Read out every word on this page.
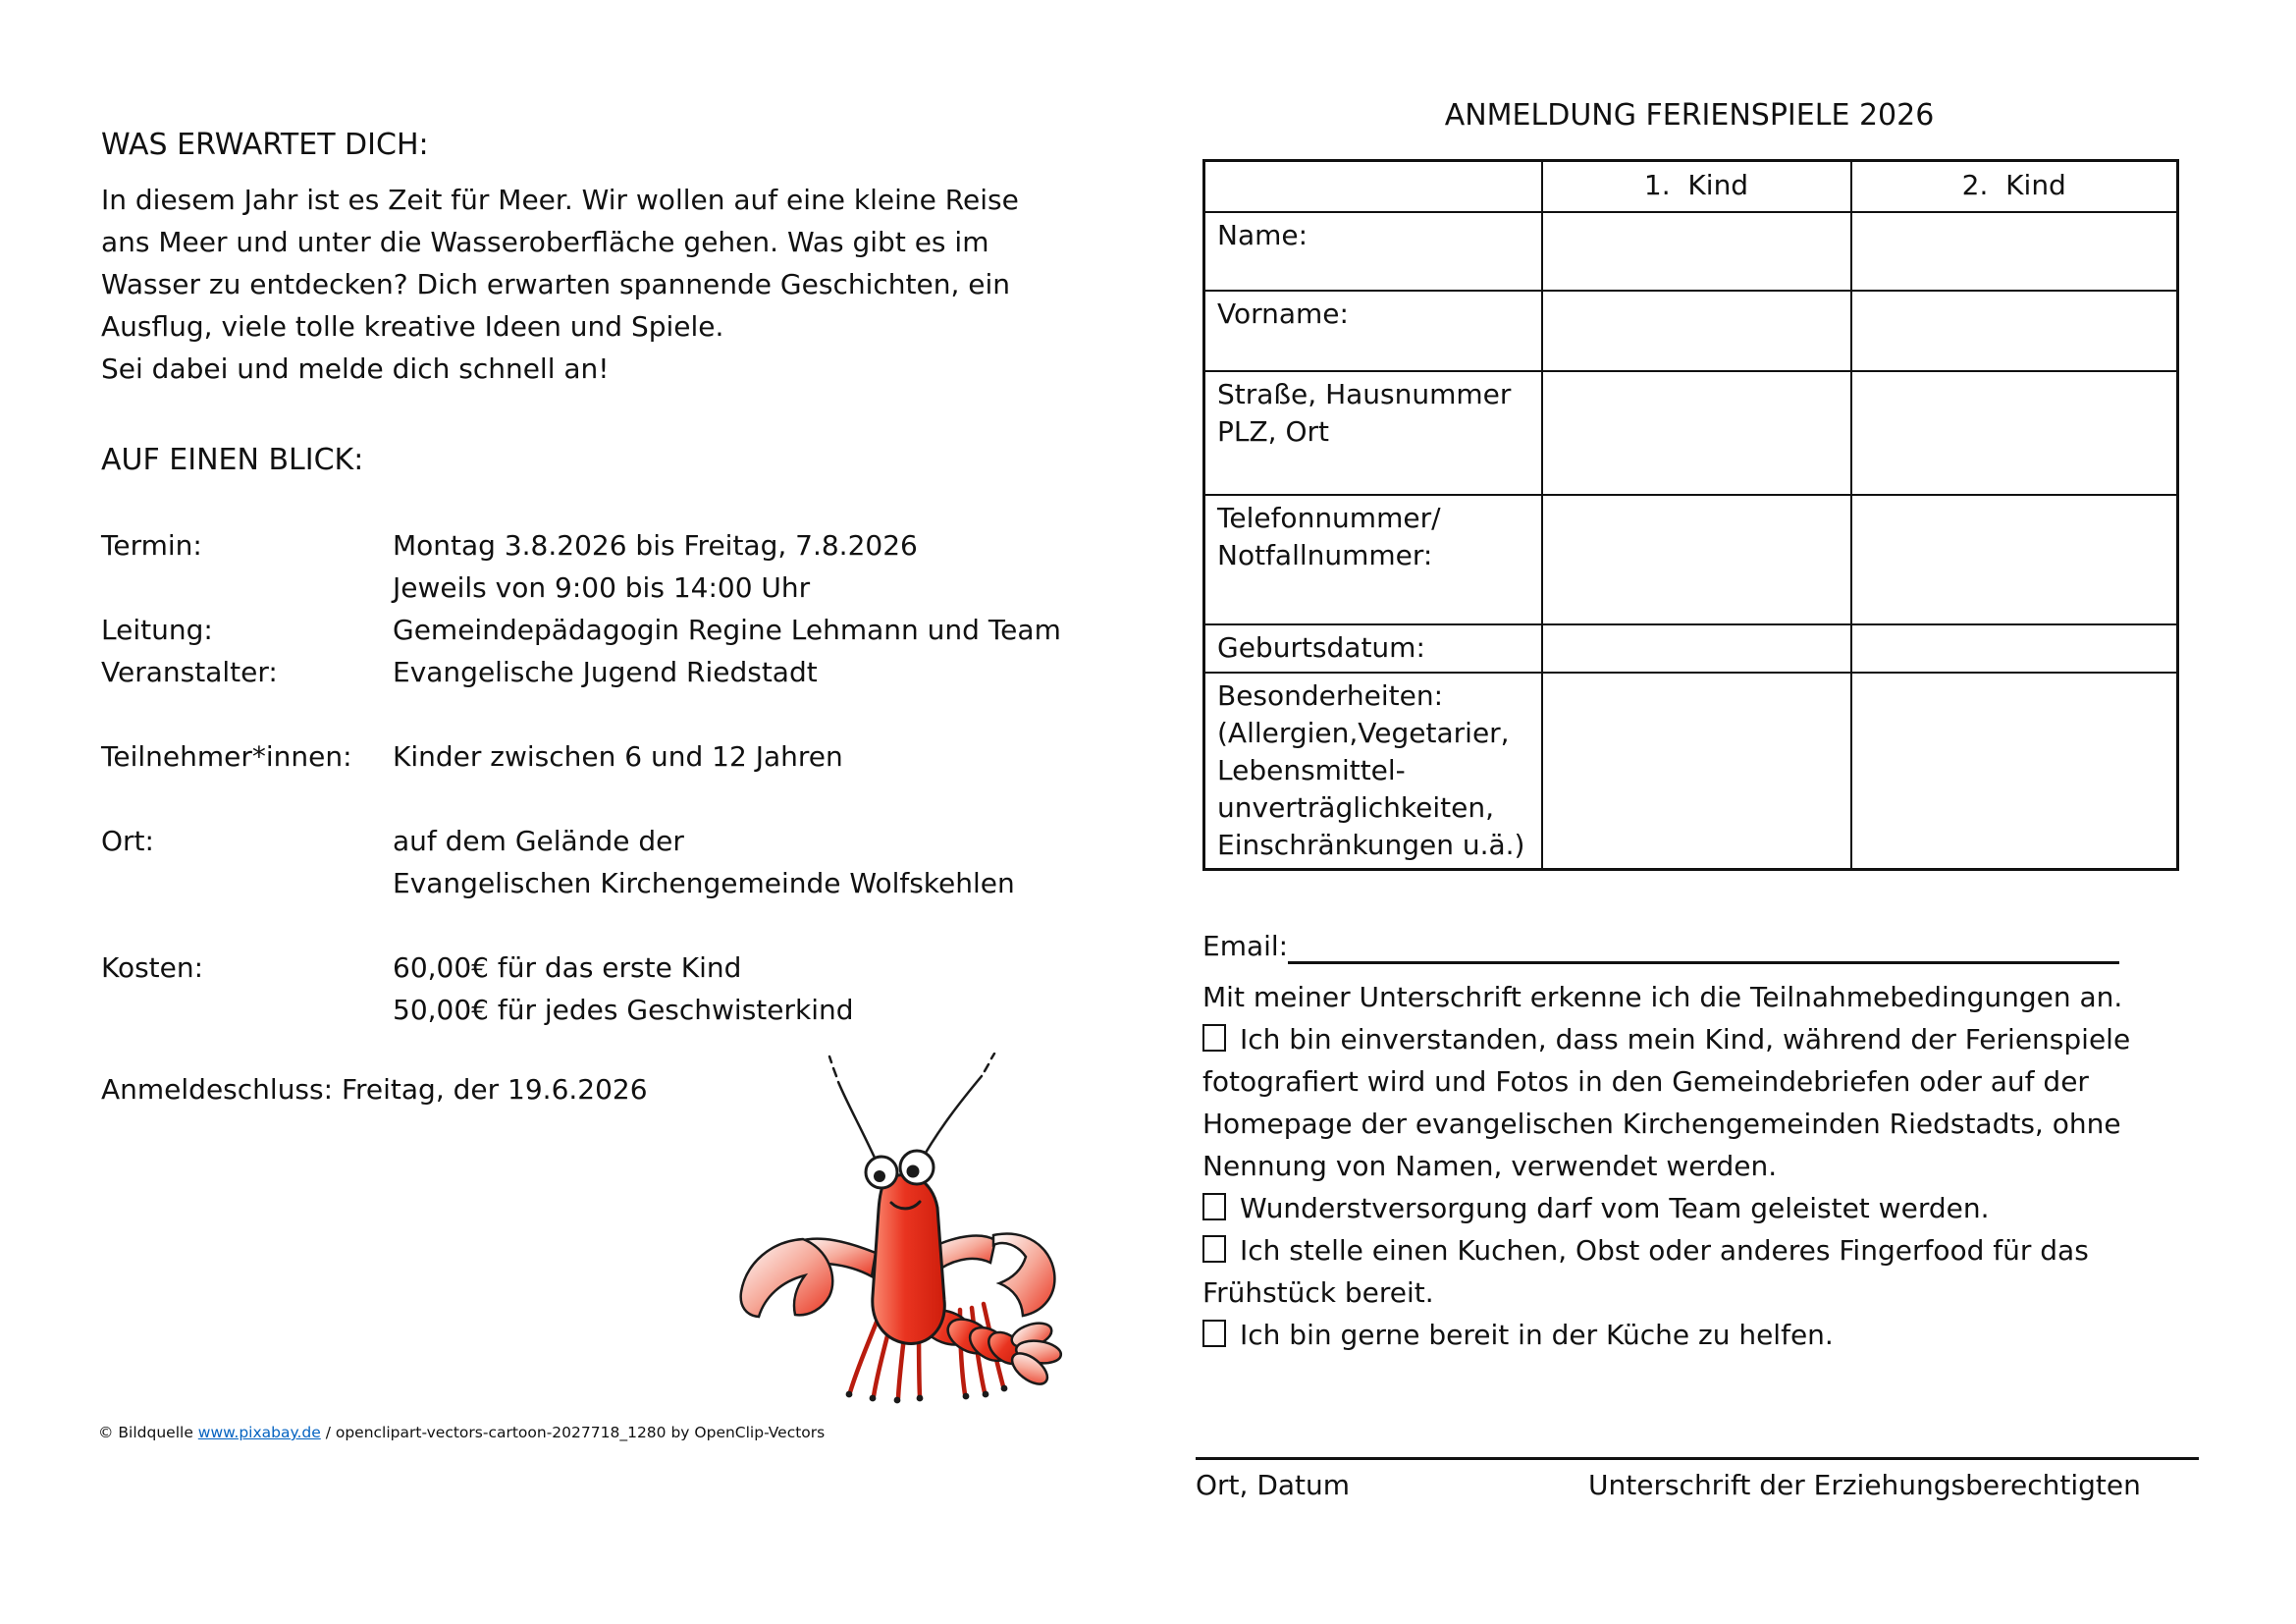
WAS ERWARTET DICH:
In diesem Jahr ist es Zeit für Meer. Wir wollen auf eine kleine Reise
ans Meer und unter die Wasseroberfläche gehen. Was gibt es im
Wasser zu entdecken? Dich erwarten spannende Geschichten, ein
Ausflug, viele tolle kreative Ideen und Spiele.
Sei dabei und melde dich schnell an!
AUF EINEN BLICK:
Termin:	Montag 3.8.2026 bis Freitag, 7.8.2026
Jeweils von 9:00 bis 14:00 Uhr
Leitung:	Gemeindepädagogin Regine Lehmann und Team
Veranstalter:	Evangelische Jugend Riedstadt
Teilnehmer*innen:	Kinder zwischen 6 und 12 Jahren
Ort:	auf dem Gelände der
Evangelischen Kirchengemeinde Wolfskehlen
Kosten:	60,00€ für das erste Kind
50,00€ für jedes Geschwisterkind
Anmeldeschluss: Freitag, der 19.6.2026
© Bildquelle www.pixabay.de / openclipart-vectors-cartoon-2027718_1280 by OpenClip-Vectors
ANMELDUNG FERIENSPIELE 2026
	1.  Kind	2.  Kind

Name:		

Vorname:		

Straße, Hausnummer
PLZ, Ort		

Telefonnummer/
Notfallnummer:		

Geburtsdatum:		

Besonderheiten:
(Allergien,Vegetarier,
Lebensmittel-
unverträglichkeiten,
Einschränkungen u.ä.)		

Email:

Mit meiner Unterschrift erkenne ich die Teilnahmebedingungen an.

Ich bin einverstanden, dass mein Kind, während der Ferienspiele fotografiert wird und Fotos in den Gemeindebriefen oder auf der Homepage der evangelischen Kirchengemeinden Riedstadts, ohne Nennung von Namen, verwendet werden.

Wunderstversorgung darf vom Team geleistet werden.

Ich stelle einen Kuchen, Obst oder anderes Fingerfood für das Frühstück bereit.

Ich bin gerne bereit in der Küche zu helfen.

Ort, Datum	Unterschrift der Erziehungsberechtigten
